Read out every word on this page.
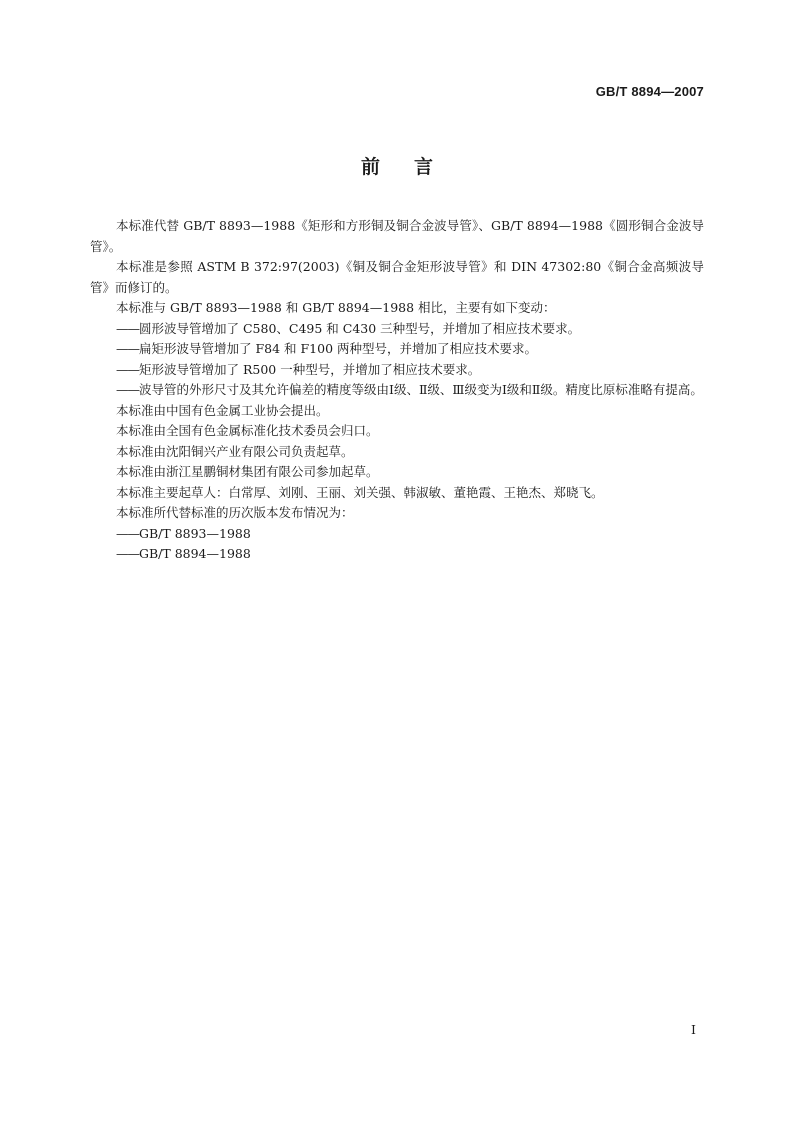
GB/T 8894—2007
前言

本标准代替 GB/T 8893—1988《矩形和方形铜及铜合金波导管》、GB/T 8894—1988《圆形铜合金波导管》。

本标准是参照 ASTM B 372:97(2003)《铜及铜合金矩形波导管》和 DIN 47302:80《铜合金高频波导管》而修订的。

本标准与 GB/T 8893—1988 和 GB/T 8894—1988 相比，主要有如下变动：

——圆形波导管增加了 C580、C495 和 C430 三种型号，并增加了相应技术要求。

——扁矩形波导管增加了 F84 和 F100 两种型号，并增加了相应技术要求。

——矩形波导管增加了 R500 一种型号，并增加了相应技术要求。

——波导管的外形尺寸及其允许偏差的精度等级由Ⅰ级、Ⅱ级、Ⅲ级变为Ⅰ级和Ⅱ级。精度比原标准略有提高。

本标准由中国有色金属工业协会提出。

本标准由全国有色金属标准化技术委员会归口。

本标准由沈阳铜兴产业有限公司负责起草。

本标准由浙江星鹏铜材集团有限公司参加起草。

本标准主要起草人：白常厚、刘刚、王丽、刘关强、韩淑敏、董艳霞、王艳杰、郑晓飞。

本标准所代替标准的历次版本发布情况为：

——GB/T 8893—1988

——GB/T 8894—1988

I
